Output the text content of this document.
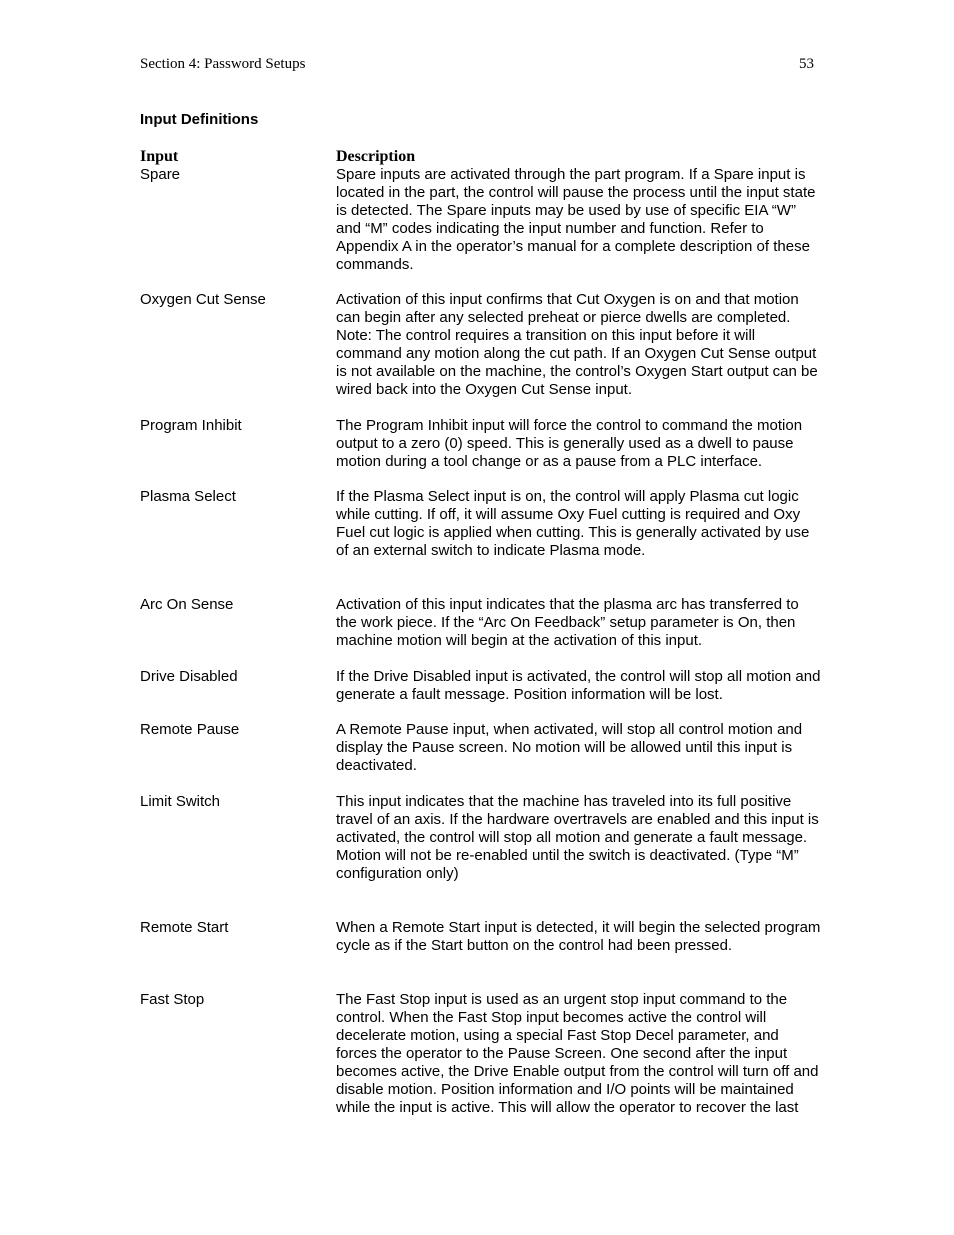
Section 4: Password Setups	53
Input Definitions
Input	Description
Spare	Spare inputs are activated through the part program. If a Spare input is
located in the part, the control will pause the process until the input state
is detected. The Spare inputs may be used by use of specific EIA “W”
and “M” codes indicating the input number and function. Refer to
Appendix A in the operator’s manual for a complete description of these
commands.
Oxygen Cut Sense	Activation of this input confirms that Cut Oxygen is on and that motion
can begin after any selected preheat or pierce dwells are completed.
Note: The control requires a transition on this input before it will
command any motion along the cut path. If an Oxygen Cut Sense output
is not available on the machine, the control’s Oxygen Start output can be
wired back into the Oxygen Cut Sense input.
Program Inhibit	The Program Inhibit input will force the control to command the motion
output to a zero (0) speed. This is generally used as a dwell to pause
motion during a tool change or as a pause from a PLC interface.
Plasma Select	If the Plasma Select input is on, the control will apply Plasma cut logic
while cutting. If off, it will assume Oxy Fuel cutting is required and Oxy
Fuel cut logic is applied when cutting. This is generally activated by use
of an external switch to indicate Plasma mode.
Arc On Sense	Activation of this input indicates that the plasma arc has transferred to
the work piece. If the “Arc On Feedback” setup parameter is On, then
machine motion will begin at the activation of this input.
Drive Disabled	If the Drive Disabled input is activated, the control will stop all motion and
generate a fault message. Position information will be lost.
Remote Pause	A Remote Pause input, when activated, will stop all control motion and
display the Pause screen. No motion will be allowed until this input is
deactivated.
Limit Switch	This input indicates that the machine has traveled into its full positive
travel of an axis. If the hardware overtravels are enabled and this input is
activated, the control will stop all motion and generate a fault message.
Motion will not be re-enabled until the switch is deactivated. (Type “M”
configuration only)
Remote Start	When a Remote Start input is detected, it will begin the selected program
cycle as if the Start button on the control had been pressed.
Fast Stop	The Fast Stop input is used as an urgent stop input command to the
control. When the Fast Stop input becomes active the control will
decelerate motion, using a special Fast Stop Decel parameter, and
forces the operator to the Pause Screen. One second after the input
becomes active, the Drive Enable output from the control will turn off and
disable motion. Position information and I/O points will be maintained
while the input is active. This will allow the operator to recover the last
